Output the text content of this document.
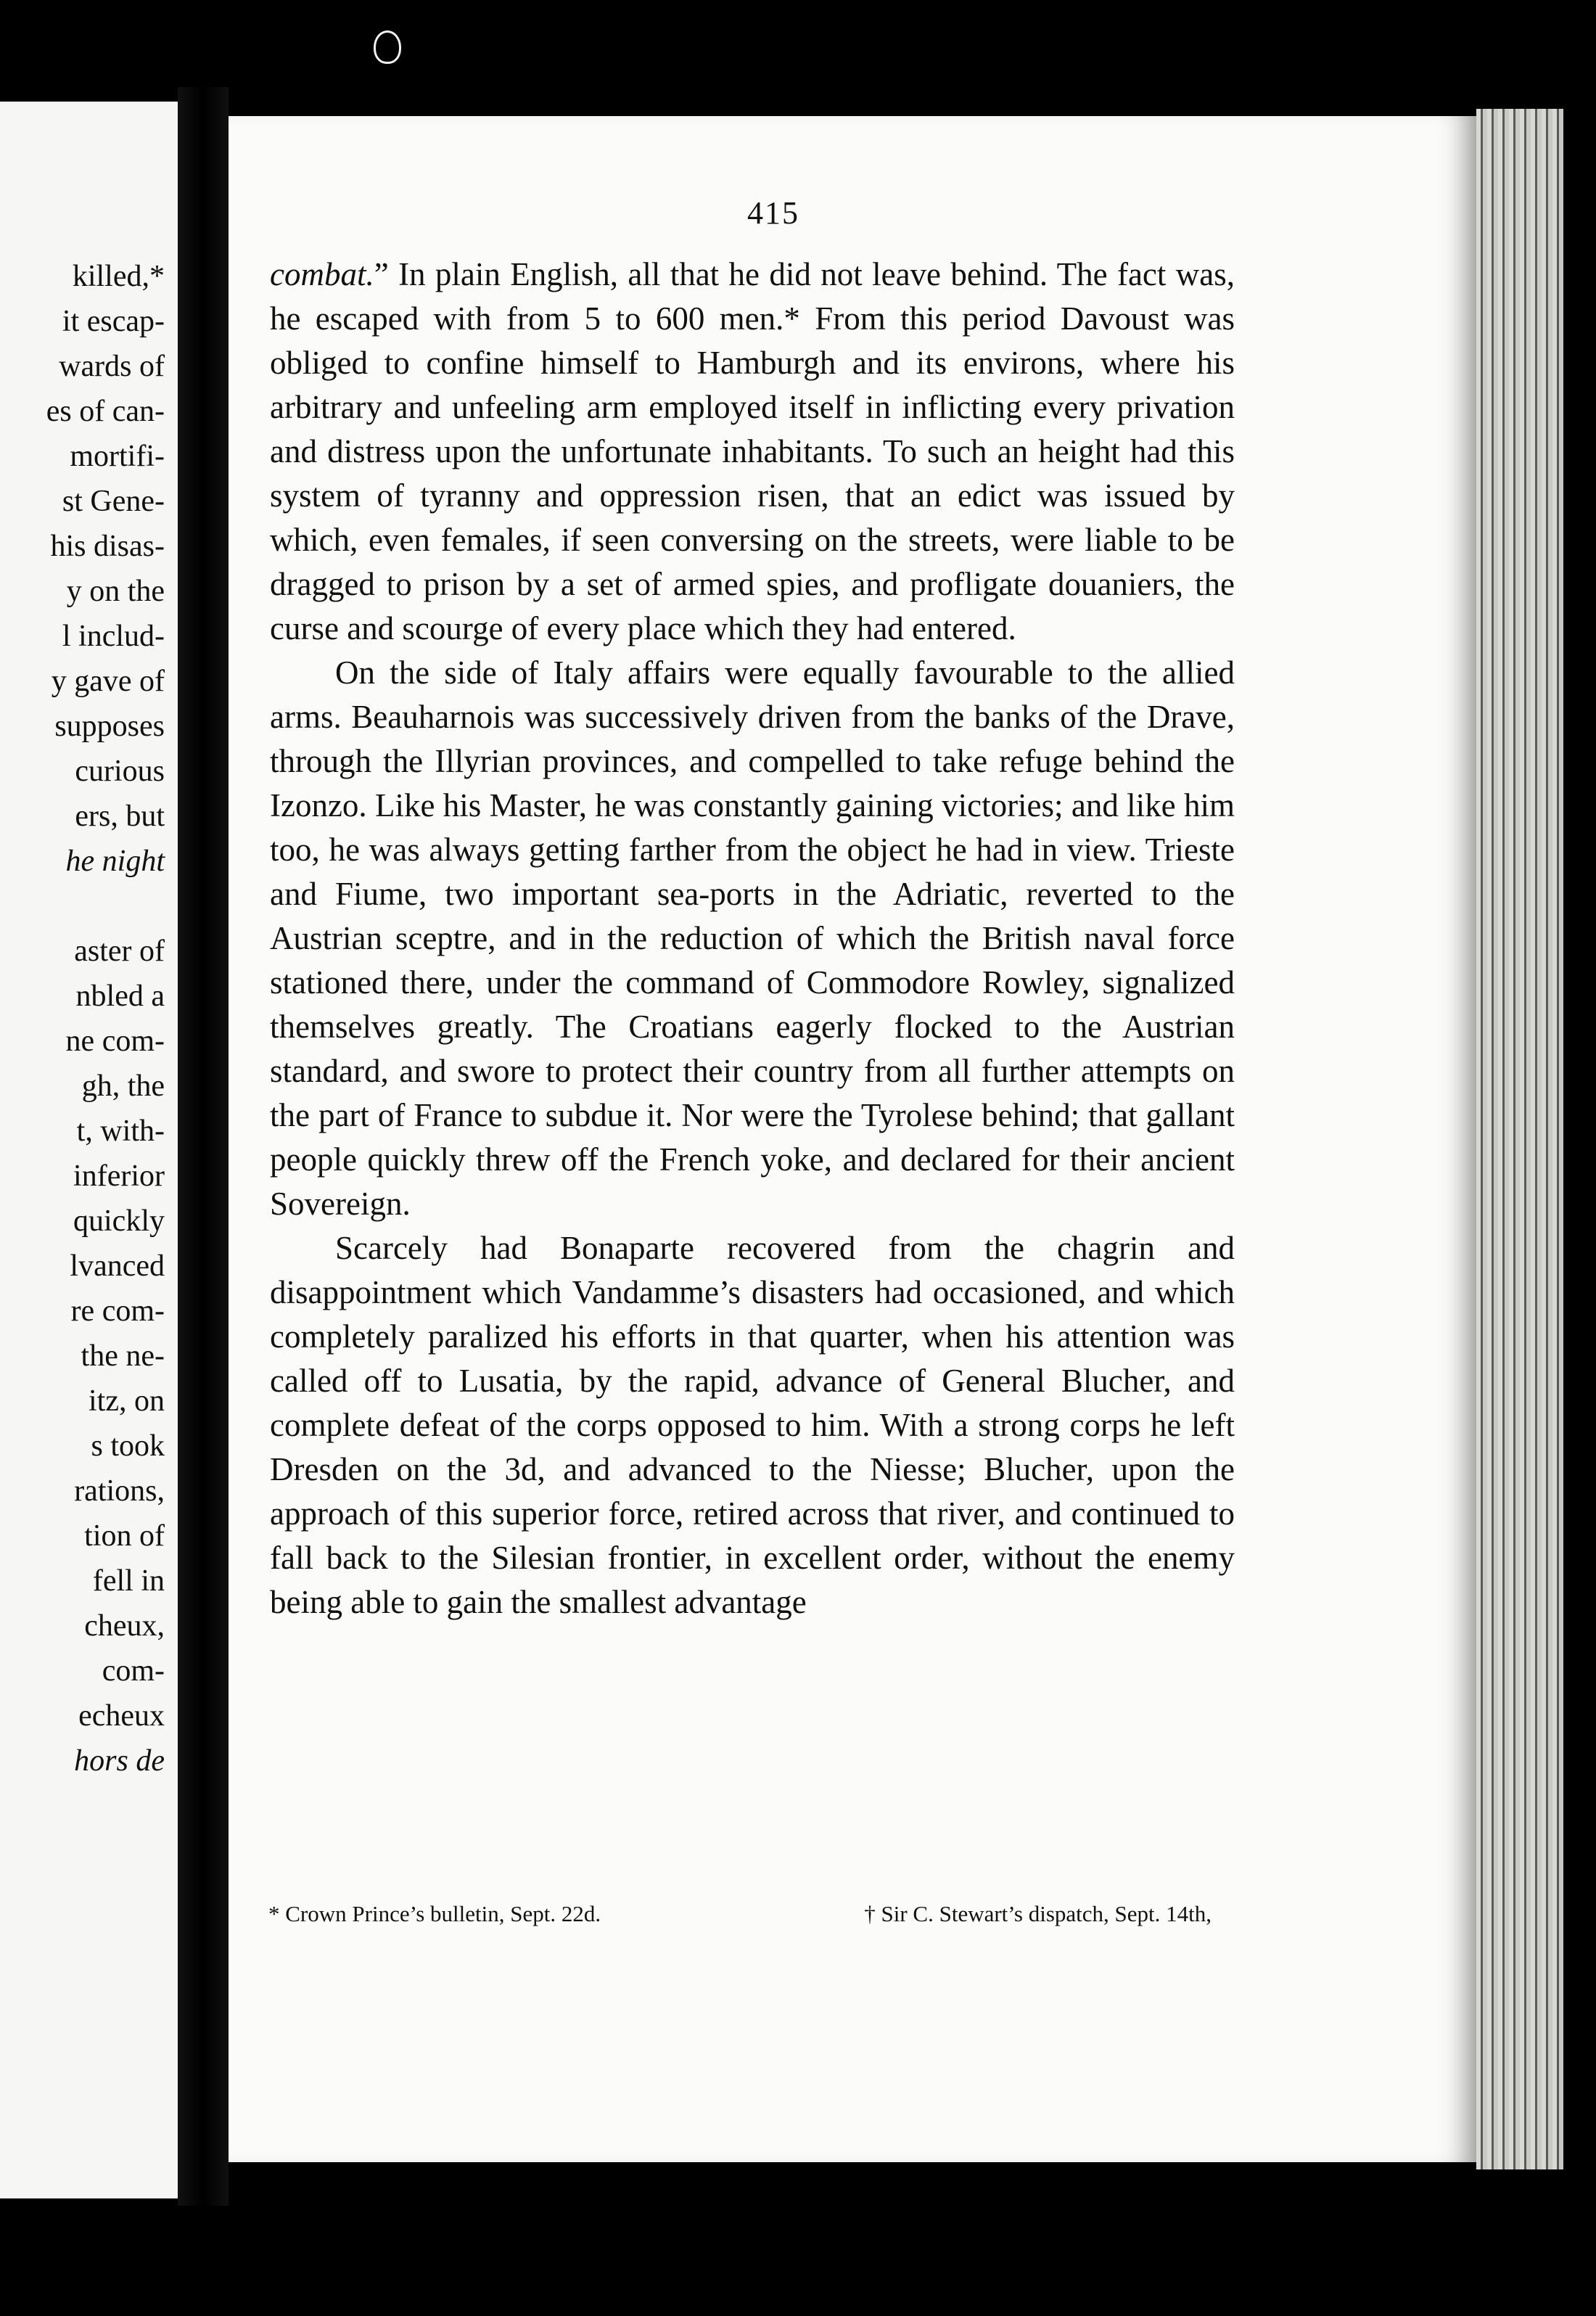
killed,*
it escap-
wards of
es of can-
mortifi-
st Gene-
his disas-
y on the
l includ-
y gave of
supposes
curious
ers, but
he night

aster of
nbled a
ne com-
gh, the
t, with-
inferior
quickly
lvanced
re com-
the ne-
itz, on
s took
rations,
tion of
fell in
cheux,
com-
echeux
hors de
415

combat.” In plain English, all that he did not leave behind. The fact was, he escaped with from 5 to 600 men.* From this period Davoust was obliged to confine himself to Hamburgh and its environs, where his arbitrary and unfeeling arm employed itself in inflicting every privation and distress upon the unfortunate inhabitants. To such an height had this system of tyranny and oppression risen, that an edict was issued by which, even females, if seen conversing on the streets, were liable to be dragged to prison by a set of armed spies, and profligate douaniers, the curse and scourge of every place which they had entered.

On the side of Italy affairs were equally favourable to the allied arms. Beauharnois was successively driven from the banks of the Drave, through the Illyrian provinces, and compelled to take refuge behind the Izonzo. Like his Master, he was constantly gaining victories; and like him too, he was always getting farther from the object he had in view. Trieste and Fiume, two important sea-ports in the Adriatic, reverted to the Austrian sceptre, and in the reduction of which the British naval force stationed there, under the command of Commodore Rowley, signalized themselves greatly. The Croatians eagerly flocked to the Austrian standard, and swore to protect their country from all further attempts on the part of France to subdue it. Nor were the Tyrolese behind; that gallant people quickly threw off the French yoke, and declared for their ancient Sovereign.

Scarcely had Bonaparte recovered from the chagrin and disappointment which Vandamme’s disasters had occasioned, and which completely paralized his efforts in that quarter, when his attention was called off to Lusatia, by the rapid, advance of General Blucher, and complete defeat of the corps opposed to him. With a strong corps he left Dresden on the 3d, and advanced to the Niesse; Blucher, upon the approach of this superior force, retired across that river, and continued to fall back to the Silesian frontier, in excellent order, without the enemy being able to gain the smallest advantage

* Crown Prince’s bulletin, Sept. 22d.	† Sir C. Stewart’s dispatch, Sept. 14th,
